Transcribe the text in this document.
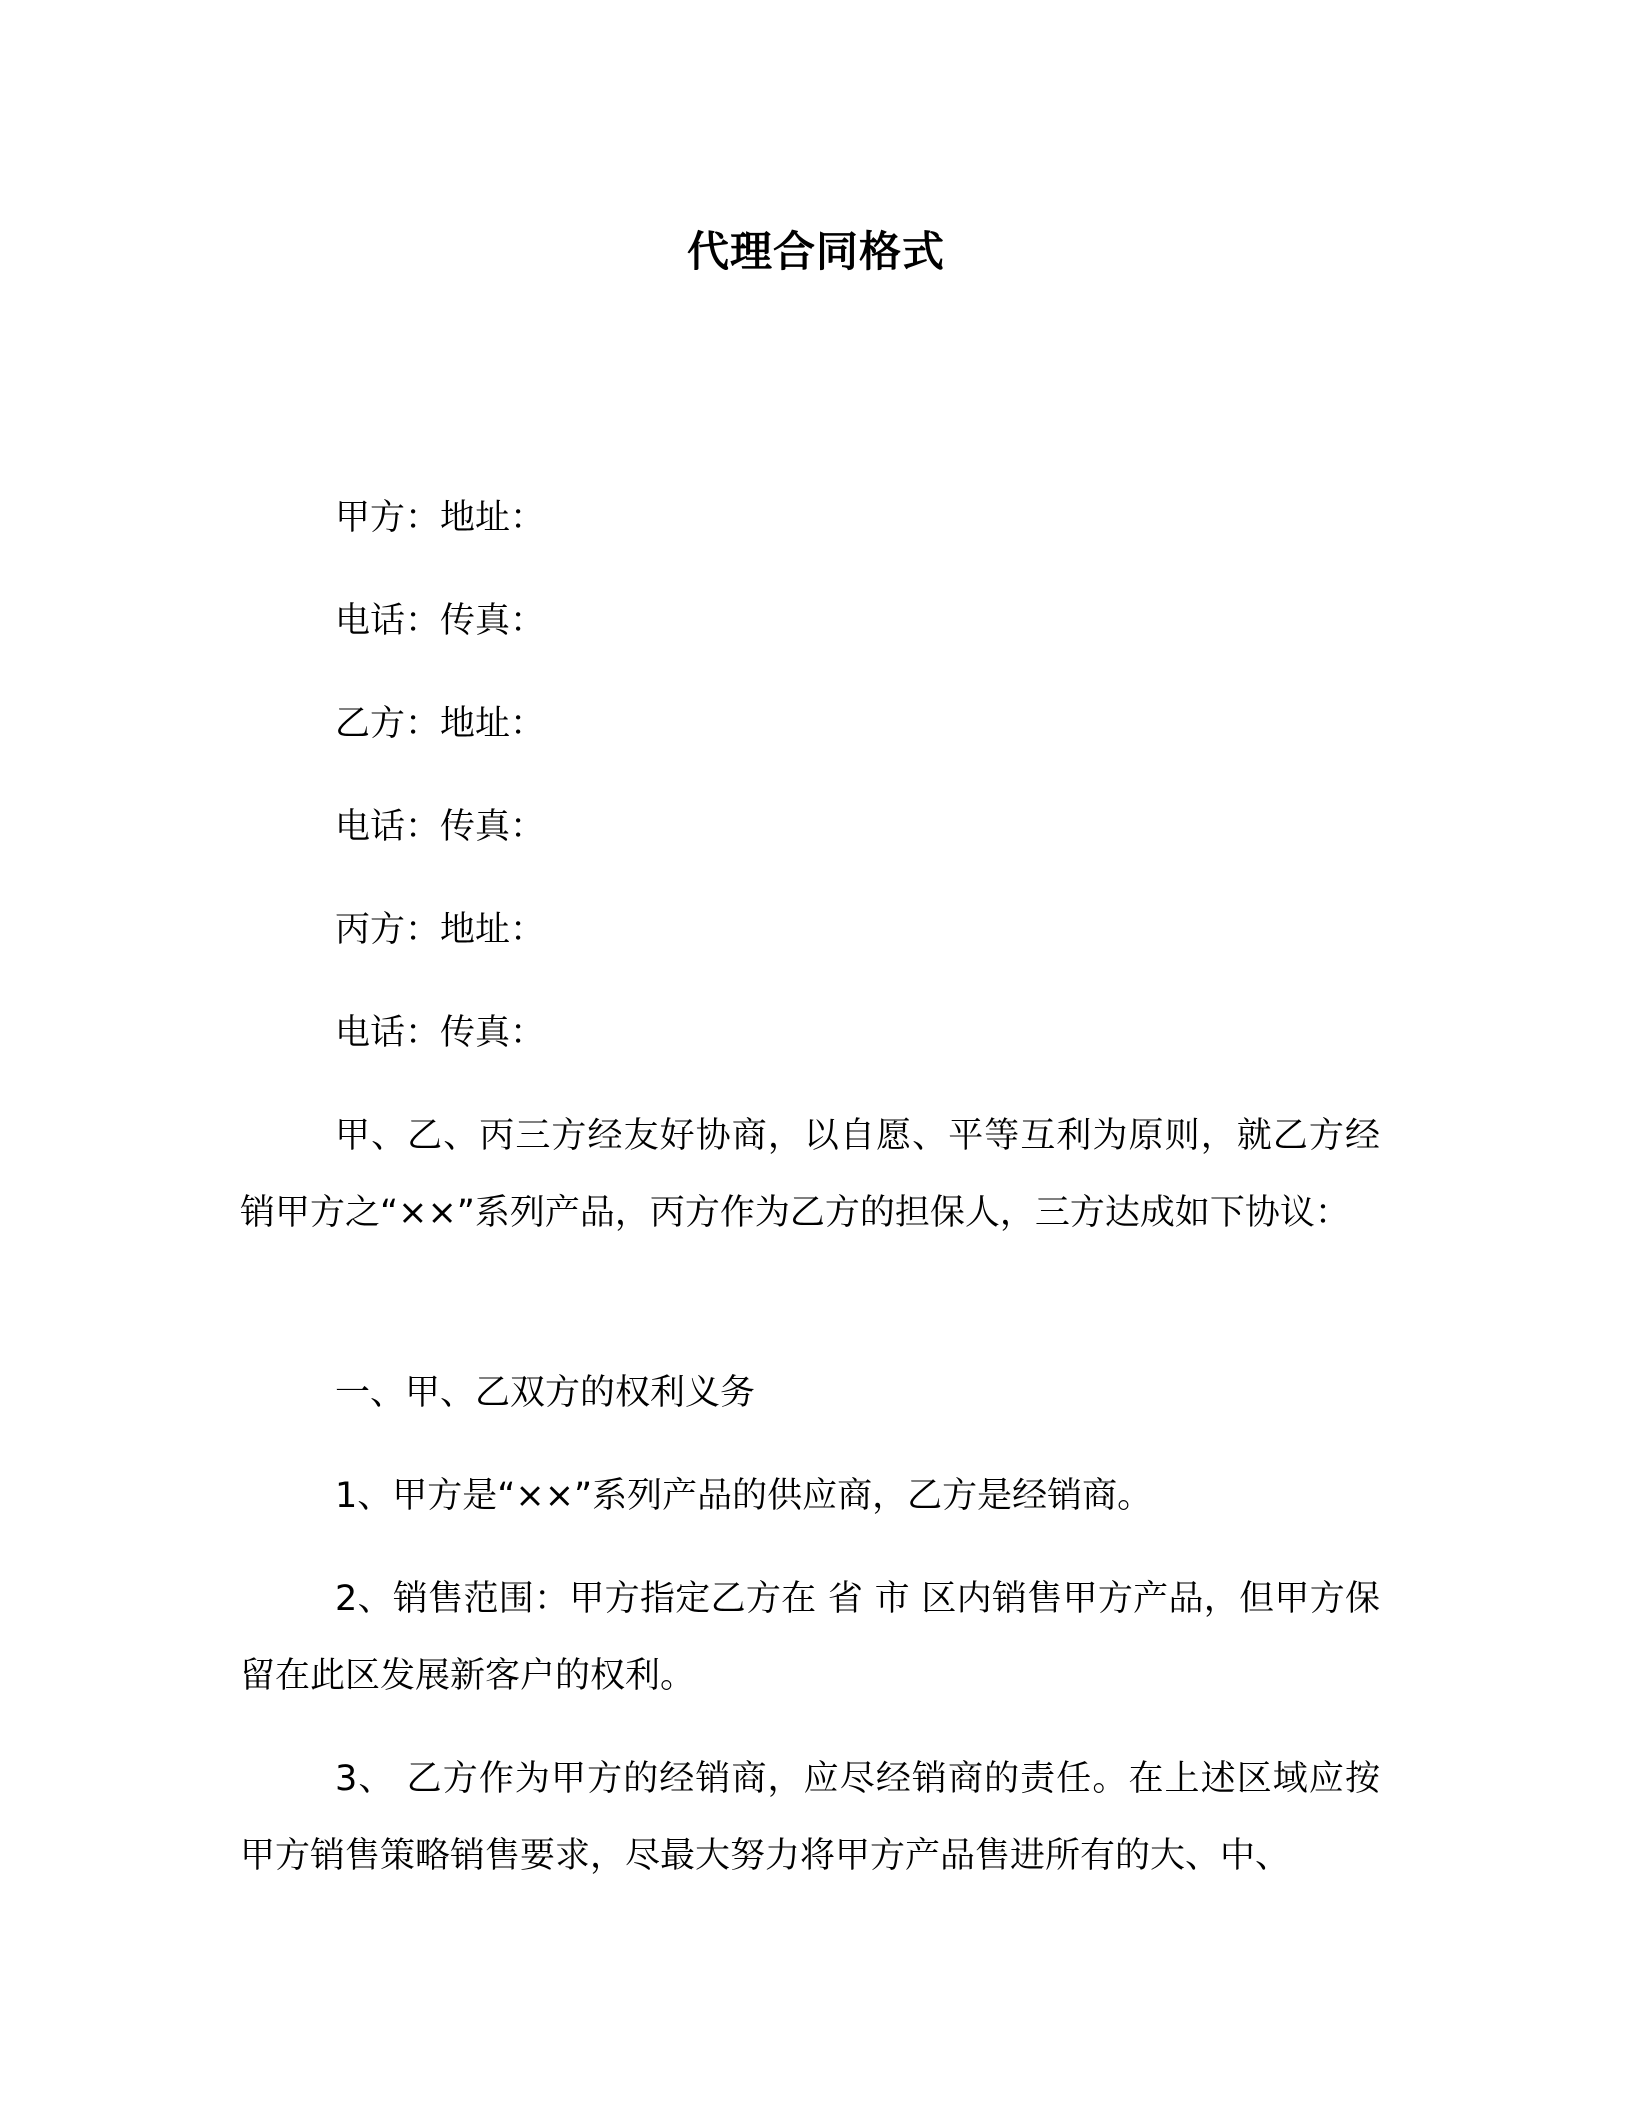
代理合同格式
甲方：地址：
电话：传真：
乙方：地址：
电话：传真：
丙方：地址：
电话：传真：
甲、乙、丙三方经友好协商，以自愿、平等互利为原则，就乙方经销甲方之“××”系列产品，丙方作为乙方的担保人，三方达成如下协议：
一、甲、乙双方的权利义务
1、甲方是“××”系列产品的供应商，乙方是经销商。
2、销售范围：甲方指定乙方在 省 市 区内销售甲方产品，但甲方保留在此区发展新客户的权利。
3、 乙方作为甲方的经销商，应尽经销商的责任。在上述区域应按甲方销售策略销售要求，尽最大努力将甲方产品售进所有的大、中、
